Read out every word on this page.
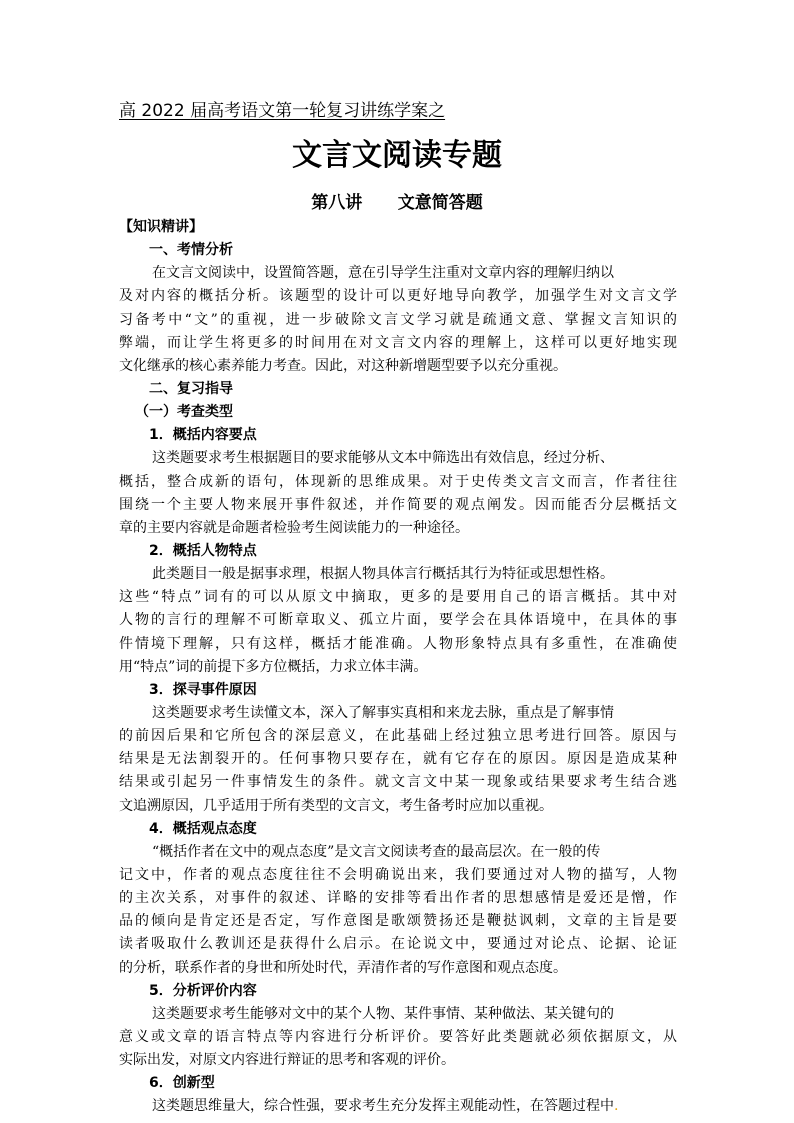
高 2022 届高考语文第一轮复习讲练学案之
文言文阅读专题
第八讲      文意简答题
【知识精讲】
一、考情分析
在文言文阅读中，设置简答题，意在引导学生注重对文章内容的理解归纳以
及对内容的概括分析。该题型的设计可以更好地导向教学，加强学生对文言文学
习备考中“文”的重视，进一步破除文言文学习就是疏通文意、掌握文言知识的
弊端，而让学生将更多的时间用在对文言文内容的理解上，这样可以更好地实现
文化继承的核心素养能力考查。因此，对这种新增题型要予以充分重视。
二、复习指导
（一）考查类型
1．概括内容要点
这类题要求考生根据题目的要求能够从文本中筛选出有效信息，经过分析、
概括，整合成新的语句，体现新的思维成果。对于史传类文言文而言，作者往往
围绕一个主要人物来展开事件叙述，并作简要的观点阐发。因而能否分层概括文
章的主要内容就是命题者检验考生阅读能力的一种途径。
2．概括人物特点
此类题目一般是据事求理，根据人物具体言行概括其行为特征或思想性格。
这些“特点”词有的可以从原文中摘取，更多的是要用自己的语言概括。其中对
人物的言行的理解不可断章取义、孤立片面，要学会在具体语境中，在具体的事
件情境下理解，只有这样，概括才能准确。人物形象特点具有多重性，在准确使
用“特点”词的前提下多方位概括，力求立体丰满。
3．探寻事件原因
这类题要求考生读懂文本，深入了解事实真相和来龙去脉，重点是了解事情
的前因后果和它所包含的深层意义，在此基础上经过独立思考进行回答。原因与
结果是无法割裂开的。任何事物只要存在，就有它存在的原因。原因是造成某种
结果或引起另一件事情发生的条件。就文言文中某一现象或结果要求考生结合逃
文追溯原因，几乎适用于所有类型的文言文，考生备考时应加以重视。
4．概括观点态度
“概括作者在文中的观点态度”是文言文阅读考查的最高层次。在一般的传
记文中，作者的观点态度往往不会明确说出来，我们要通过对人物的描写，人物
的主次关系，对事件的叙述、详略的安排等看出作者的思想感情是爱还是憎，作
品的倾向是肯定还是否定，写作意图是歌颂赞扬还是鞭挞讽刺，文章的主旨是要
读者吸取什么教训还是获得什么启示。在论说文中，要通过对论点、论据、论证
的分析，联系作者的身世和所处时代，弄清作者的写作意图和观点态度。
5．分析评价内容
这类题要求考生能够对文中的某个人物、某件事情、某种做法、某关键句的
意义或文章的语言特点等内容进行分析评价。要答好此类题就必须依据原文，从
实际出发，对原文内容进行辩证的思考和客观的评价。
6．创新型
这类题思维量大，综合性强，要求考生充分发挥主观能动性，在答题过程中.
